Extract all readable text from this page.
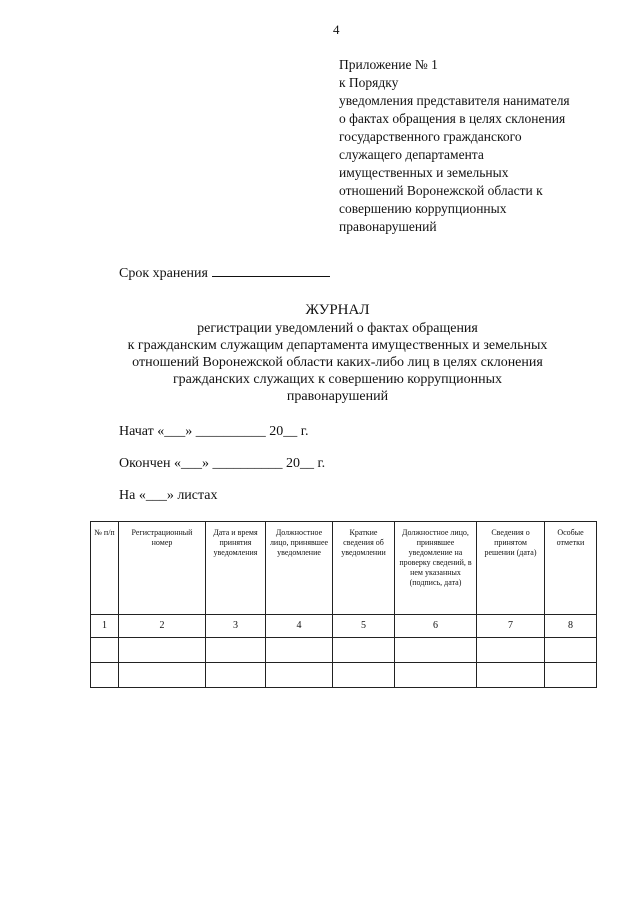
4
Приложение № 1
к Порядку
уведомления представителя нанимателя
о фактах обращения в целях склонения
государственного гражданского
служащего департамента
имущественных и земельных
отношений Воронежской области к
совершению коррупционных
правонарушений
Срок хранения
ЖУРНАЛ
регистрации уведомлений о фактах обращения
к гражданским служащим департамента имущественных и земельных
отношений Воронежской области каких-либо лиц в целях склонения
гражданских служащих к совершению коррупционных
правонарушений
Начат «___» __________ 20__ г.
Окончен «___» __________ 20__ г.
На «___» листах
№ п/п	Регистрационный номер	Дата и время принятия уведомления	Должностное лицо, принявшее уведомление	Краткие сведения об уведомлении	Должностное лицо, принявшее уведомление на проверку сведений, в нем указанных (подпись, дата)	Сведения о принятом решении (дата)	Особые отметки
1	2	3	4	5	6	7	8
